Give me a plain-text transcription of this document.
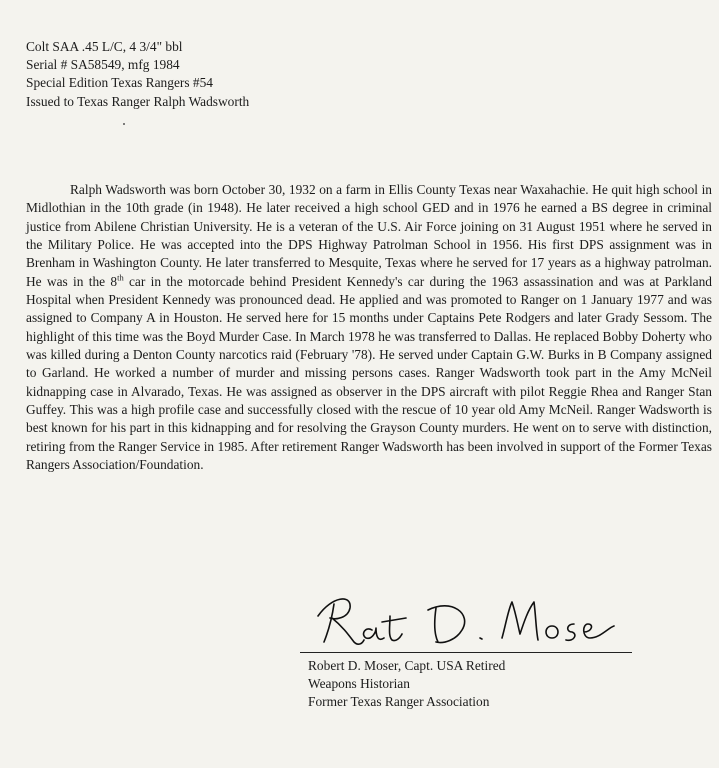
Colt SAA .45 L/C, 4 3/4" bbl
Serial # SA58549, mfg 1984
Special Edition Texas Rangers #54
Issued to Texas Ranger Ralph Wadsworth

Ralph Wadsworth was born October 30, 1932 on a farm in Ellis County Texas near Waxahachie. He quit high school in Midlothian in the 10th grade (in 1948). He later received a high school GED and in 1976 he earned a BS degree in criminal justice from Abilene Christian University. He is a veteran of the U.S. Air Force joining on 31 August 1951 where he served in the Military Police. He was accepted into the DPS Highway Patrolman School in 1956. His first DPS assignment was in Brenham in Washington County. He later transferred to Mesquite, Texas where he served for 17 years as a highway patrolman. He was in the 8th car in the motorcade behind President Kennedy's car during the 1963 assassination and was at Parkland Hospital when President Kennedy was pronounced dead. He applied and was promoted to Ranger on 1 January 1977 and was assigned to Company A in Houston. He served here for 15 months under Captains Pete Rodgers and later Grady Sessom. The highlight of this time was the Boyd Murder Case. In March 1978 he was transferred to Dallas. He replaced Bobby Doherty who was killed during a Denton County narcotics raid (February '78). He served under Captain G.W. Burks in B Company assigned to Garland. He worked a number of murder and missing persons cases. Ranger Wadsworth took part in the Amy McNeil kidnapping case in Alvarado, Texas. He was assigned as observer in the DPS aircraft with pilot Reggie Rhea and Ranger Stan Guffey. This was a high profile case and successfully closed with the rescue of 10 year old Amy McNeil. Ranger Wadsworth is best known for his part in this kidnapping and for resolving the Grayson County murders. He went on to serve with distinction, retiring from the Ranger Service in 1985. After retirement Ranger Wadsworth has been involved in support of the Former Texas Rangers Association/Foundation.

Robert D. Moser, Capt. USA Retired
Weapons Historian
Former Texas Ranger Association
